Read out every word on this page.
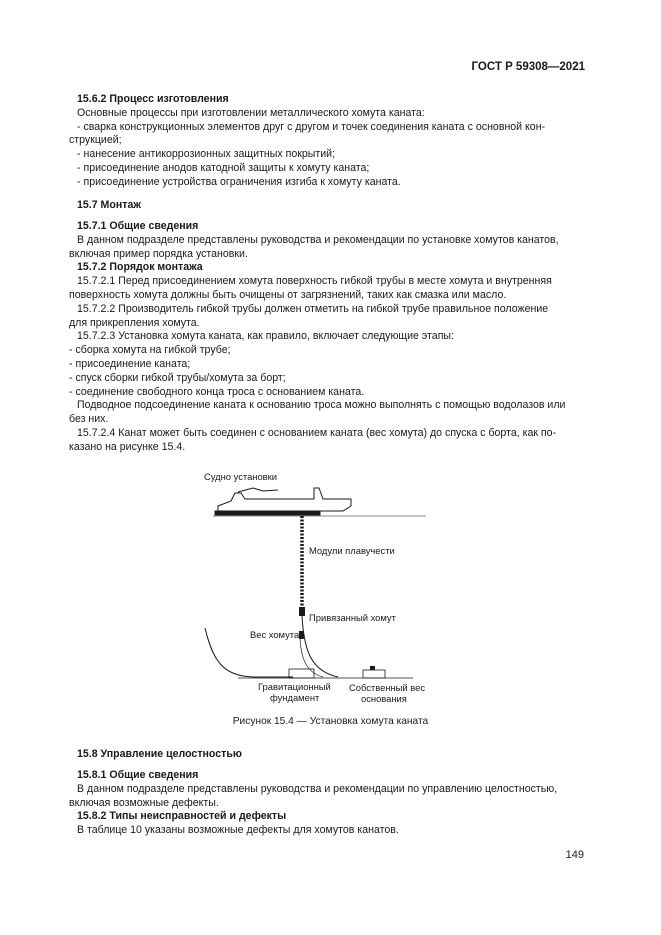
ГОСТ Р 59308—2021

15.6.2 Процесс изготовления

Основные процессы при изготовлении металлического хомута каната:

- сварка конструкционных элементов друг с другом и точек соединения каната с основной кон-

струкцией;

- нанесение антикоррозионных защитных покрытий;

- присоединение анодов катодной защиты к хомуту каната;

- присоединение устройства ограничения изгиба к хомуту каната.

15.7 Монтаж

15.7.1 Общие сведения

В данном подразделе представлены руководства и рекомендации по установке хомутов канатов,

включая пример порядка установки.

15.7.2 Порядок монтажа

15.7.2.1 Перед присоединением хомута поверхность гибкой трубы в месте хомута и внутренняя

поверхность хомута должны быть очищены от загрязнений, таких как смазка или масло.

15.7.2.2 Производитель гибкой трубы должен отметить на гибкой трубе правильное положение

для прикрепления хомута.

15.7.2.3 Установка хомута каната, как правило, включает следующие этапы:

- сборка хомута на гибкой трубе;

- присоединение каната;

- спуск сборки гибкой трубы/хомута за борт;

- соединение свободного конца троса с основанием каната.

Подводное подсоединение каната к основанию троса можно выполнять с помощью водолазов или

без них.

15.7.2.4 Канат может быть соединен с основанием каната (вес хомута) до спуска с борта, как по-

казано на рисунке 15.4.

Судно установки
Модули плавучести
Привязанный хомут
Вес хомута
Гравитационный
фундамент
Собственный вес
основания
Рисунок 15.4 — Установка хомута каната

15.8 Управление целостностью

15.8.1 Общие сведения

В данном подразделе представлены руководства и рекомендации по управлению целостностью,

включая возможные дефекты.

15.8.2 Типы неисправностей и дефекты

В таблице 10 указаны возможные дефекты для хомутов канатов.

149
